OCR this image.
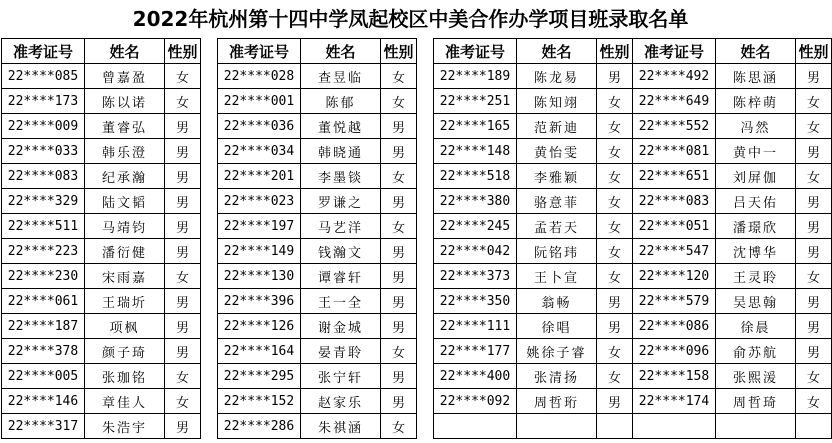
2022年杭州第十四中学凤起校区中美合作办学项目班录取名单
准考证号	姓名	性别
22****085	曾嘉盈	女
22****173	陈以诺	女
22****009	董睿弘	男
22****033	韩乐澄	男
22****083	纪承瀚	男
22****329	陆文韬	男
22****511	马靖钧	男
22****223	潘衍健	男
22****230	宋雨嘉	女
22****061	王瑞圻	男
22****187	项枫	男
22****378	颜子琦	男
22****005	张珈铭	女
22****146	章佳人	女
22****317	朱浩宇	男
准考证号	姓名	性别
22****028	查昱临	女
22****001	陈郁	女
22****036	董悦越	男
22****034	韩晓通	男
22****201	李墨锬	女
22****023	罗谦之	男
22****197	马艺洋	女
22****149	钱瀚文	男
22****130	谭睿轩	男
22****396	王一全	男
22****126	谢金城	男
22****164	晏青聆	女
22****295	张宁轩	男
22****152	赵家乐	男
22****286	朱祺涵	女
准考证号	姓名	性别
22****189	陈龙易	男
22****251	陈知翊	女
22****165	范新迪	女
22****148	黄怡雯	女
22****518	李雅颖	女
22****380	骆意菲	女
22****245	孟若天	女
22****042	阮铭玮	女
22****373	王卜宣	女
22****350	翁畅	男
22****111	徐唱	男
22****177	姚徐子睿	女
22****400	张清扬	女
22****092	周哲珩	男

准考证号	姓名	性别
22****492	陈思涵	男
22****649	陈梓萌	女
22****552	冯然	女
22****081	黄中一	男
22****651	刘屏伽	女
22****083	吕天佑	男
22****051	潘璟欣	男
22****547	沈博华	男
22****120	王灵聆	女
22****579	吴思翰	男
22****086	徐晨	男
22****096	俞苏航	男
22****158	张熙湲	女
22****174	周哲琦	女
